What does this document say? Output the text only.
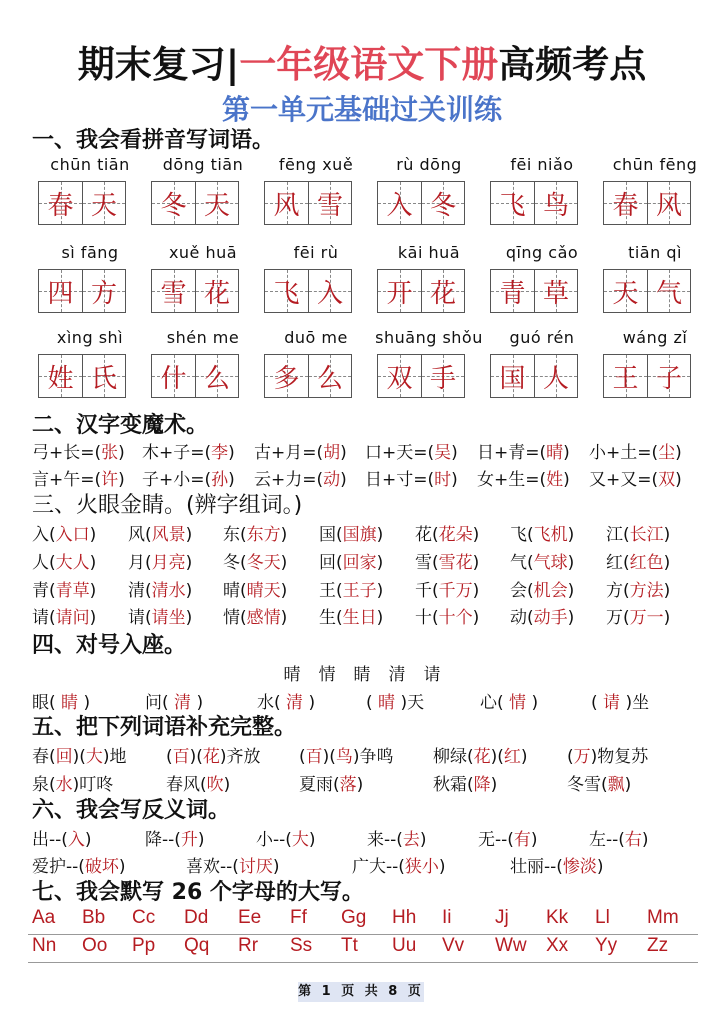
期末复习|一年级语文下册高频考点
第一单元基础过关训练
一、我会看拼音写词语。
chūn tiān
春 天
dōng tiān
冬 天
fēng xuě
风 雪
rù dōng
入 冬
fēi niǎo
飞 鸟
chūn fēng
春 风
sì fāng
四 方
xuě huā
雪 花
fēi rù
飞 入
kāi huā
开 花
qīng cǎo
青 草
tiān qì
天 气
xìng shì
姓 氏
shén me
什 么
duō me
多 么
shuāng shǒu
双 手
guó rén
国 人
wáng zǐ
王 子
二、汉字变魔术。
弓+长=(张) 木+子=(李) 古+月=(胡) 口+天=(吴) 日+青=(晴) 小+土=(尘)
言+午=(许) 子+小=(孙) 云+力=(动) 日+寸=(时) 女+生=(姓) 又+又=(双)
三、火眼金睛。(辨字组词。)
入(入口) 风(风景) 东(东方) 国(国旗) 花(花朵) 飞(飞机) 江(长江)
人(大人) 月(月亮) 冬(冬天) 回(回家) 雪(雪花) 气(气球) 红(红色)
青(青草) 清(清水) 晴(晴天) 王(王子) 千(千万) 会(机会) 方(方法)
请(请问) 请(请坐) 情(感情) 生(生日) 十(十个) 动(动手) 万(万一)
四、对号入座。
晴 情 睛 清 请
眼( 睛 )	问( 清 )	水( 清 )	( 晴 )天	心( 情 )	( 请 )坐
五、把下列词语补充完整。
春(回)(大)地 (百)(花)齐放 (百)(鸟)争鸣 柳绿(花)(红) (万)物复苏
泉(水)叮咚	春风(吹)	夏雨(落)	秋霜(降)	冬雪(飘)
六、我会写反义词。
出--(入)	降--(升)	小--(大)	来--(去)	无--(有)	左--(右)
爱护--(破坏)	喜欢--(讨厌)	广大--(狭小)	壮丽--(惨淡)
七、我会默写 26 个字母的大写。
Aa Bb Cc Dd Ee Ff Gg Hh Ii Jj Kk Ll Mm
Nn Oo Pp Qq Rr Ss Tt Uu Vv Ww Xx Yy Zz
第 1 页 共 8 页
